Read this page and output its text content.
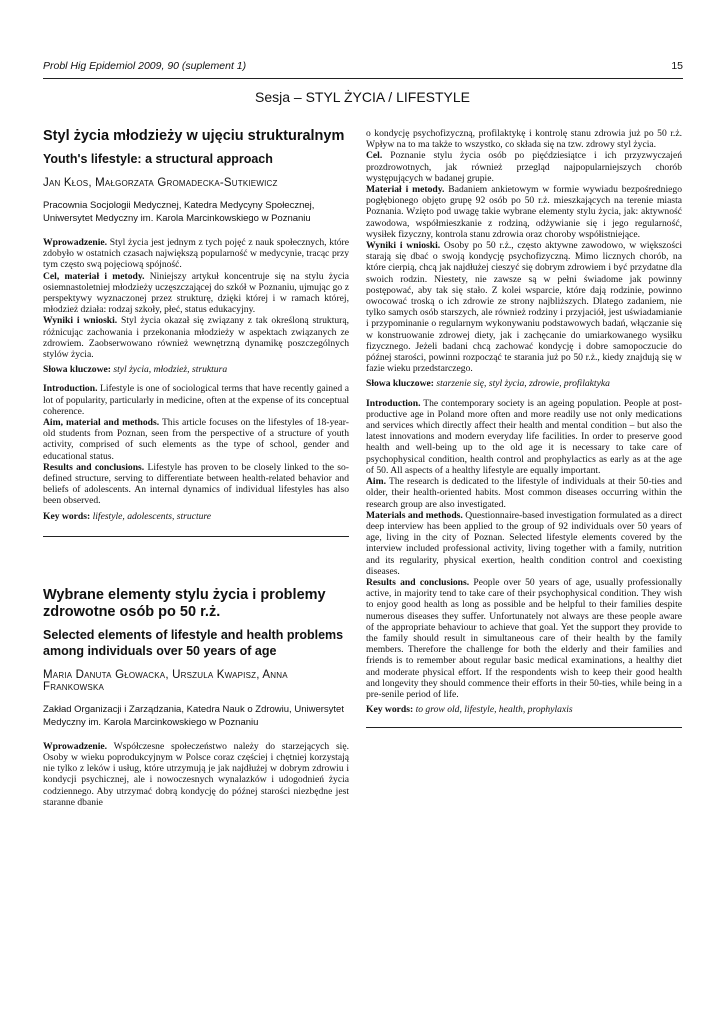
Probl Hig Epidemiol 2009, 90 (suplement 1)	15
Sesja – STYL ŻYCIA / LIFESTYLE
Styl życia młodzieży w ujęciu strukturalnym
Youth's lifestyle: a structural approach
Jan Kłos, Małgorzata Gromadecka-Sutkiewicz
Pracownia Socjologii Medycznej, Katedra Medycyny Społecznej, Uniwersytet Medyczny im. Karola Marcinkowskiego w Poznaniu

Wprowadzenie. Styl życia jest jednym z tych pojęć z nauk społecznych, które zdobyło w ostatnich czasach największą popularność w medycynie, tracąc przy tym często swą pojęciową spójność.

Cel, materiał i metody. Niniejszy artykuł koncentruje się na stylu życia osiemnastoletniej młodzieży uczęszczającej do szkół w Poznaniu, ujmując go z perspektywy wyznaczonej przez strukturę, dzięki której i w ramach której, młodzież działa: rodzaj szkoły, płeć, status edukacyjny.

Wyniki i wnioski. Styl życia okazał się związany z tak określoną strukturą, różnicując zachowania i przekonania młodzieży w aspektach związanych ze zdrowiem. Zaobserwowano również wewnętrzną dynamikę poszczególnych stylów życia.

Słowa kluczowe: styl życia, młodzież, struktura

Introduction. Lifestyle is one of sociological terms that have recently gained a lot of popularity, particularly in medicine, often at the expense of its conceptual coherence.

Aim, material and methods. This article focuses on the lifestyles of 18-year-old students from Poznan, seen from the perspective of a structure of youth activity, comprised of such elements as the type of school, gender and educational status.

Results and conclusions. Lifestyle has proven to be closely linked to the so-defined structure, serving to differentiate between health-related behavior and beliefs of adolescents. An internal dynamics of individual lifestyles has also been observed.

Key words: lifestyle, adolescents, structure

Wybrane elementy stylu życia i problemy zdrowotne osób po 50 r.ż.
Selected elements of lifestyle and health problems among individuals over 50 years of age
Maria Danuta Głowacka, Urszula Kwapisz, Anna Frankowska
Zakład Organizacji i Zarządzania, Katedra Nauk o Zdrowiu, Uniwersytet Medyczny im. Karola Marcinkowskiego w Poznaniu

Wprowadzenie. Współczesne społeczeństwo należy do starzejących się. Osoby w wieku poprodukcyjnym w Polsce coraz częściej i chętniej korzystają nie tylko z leków i usług, które utrzymują je jak najdłużej w dobrym zdrowiu i kondycji psychicznej, ale i nowoczesnych wynalazków i udogodnień życia codziennego. Aby utrzymać dobrą kondycję do późnej starości niezbędne jest staranne dbanie

o kondycję psychofizyczną, profilaktykę i kontrolę stanu zdrowia już po 50 r.ż. Wpływ na to ma także to wszystko, co składa się na tzw. zdrowy styl życia.

Cel. Poznanie stylu życia osób po pięćdziesiątce i ich przyzwyczajeń prozdrowotnych, jak również przegląd najpopularniejszych chorób występujących w badanej grupie.

Materiał i metody. Badaniem ankietowym w formie wywiadu bezpośredniego pogłębionego objęto grupę 92 osób po 50 r.ż. mieszkających na terenie miasta Poznania. Wzięto pod uwagę takie wybrane elementy stylu życia, jak: aktywność zawodowa, współmieszkanie z rodziną, odżywianie się i jego regularność, wysiłek fizyczny, kontrola stanu zdrowia oraz choroby współistniejące.

Wyniki i wnioski. Osoby po 50 r.ż., często aktywne zawodowo, w większości starają się dbać o swoją kondycję psychofizyczną. Mimo licznych chorób, na które cierpią, chcą jak najdłużej cieszyć się dobrym zdrowiem i być przydatne dla swoich rodzin. Niestety, nie zawsze są w pełni świadome jak powinny postępować, aby tak się stało. Z kolei wsparcie, które dają rodzinie, powinno owocować troską o ich zdrowie ze strony najbliższych. Dlatego zadaniem, nie tylko samych osób starszych, ale również rodziny i przyjaciół, jest uświadamianie i przypominanie o regularnym wykonywaniu podstawowych badań, włączanie się w konstruowanie zdrowej diety, jak i zachęcanie do umiarkowanego wysiłku fizycznego. Jeżeli badani chcą zachować kondycję i dobre samopoczucie do późnej starości, powinni rozpocząć te starania już po 50 r.ż., kiedy znajdują się w fazie wieku przedstarczego.

Słowa kluczowe: starzenie się, styl życia, zdrowie, profilaktyka

Introduction. The contemporary society is an ageing population. People at post-productive age in Poland more often and more readily use not only medications and services which directly affect their health and mental condition – but also the latest innovations and modern everyday life facilities. In order to preserve good health and well-being up to the old age it is necessary to take care of psychophysical condition, health control and prophylactics as early as at the age of 50. All aspects of a healthy lifestyle are equally important.

Aim. The research is dedicated to the lifestyle of individuals at their 50-ties and older, their health-oriented habits. Most common diseases occurring within the research group are also investigated.

Materials and methods. Questionnaire-based investigation formulated as a direct deep interview has been applied to the group of 92 individuals over 50 years of age, living in the city of Poznan. Selected lifestyle elements covered by the interview included professional activity, living together with a family, nutrition and its regularity, physical exertion, health condition control and coexisting diseases.

Results and conclusions. People over 50 years of age, usually professionally active, in majority tend to take care of their psychophysical condition. They wish to enjoy good health as long as possible and be helpful to their families despite numerous diseases they suffer. Unfortunately not always are these people aware of the appropriate behaviour to achieve that goal. Yet the support they provide to the family should result in simultaneous care of their health by the family members. Therefore the challenge for both the elderly and their families and friends is to remember about regular basic medical examinations, a healthy diet and moderate physical effort. If the respondents wish to keep their good health and longevity they should commence their efforts in their 50-ties, while being in a pre-senile period of life.

Key words: to grow old, lifestyle, health, prophylaxis
